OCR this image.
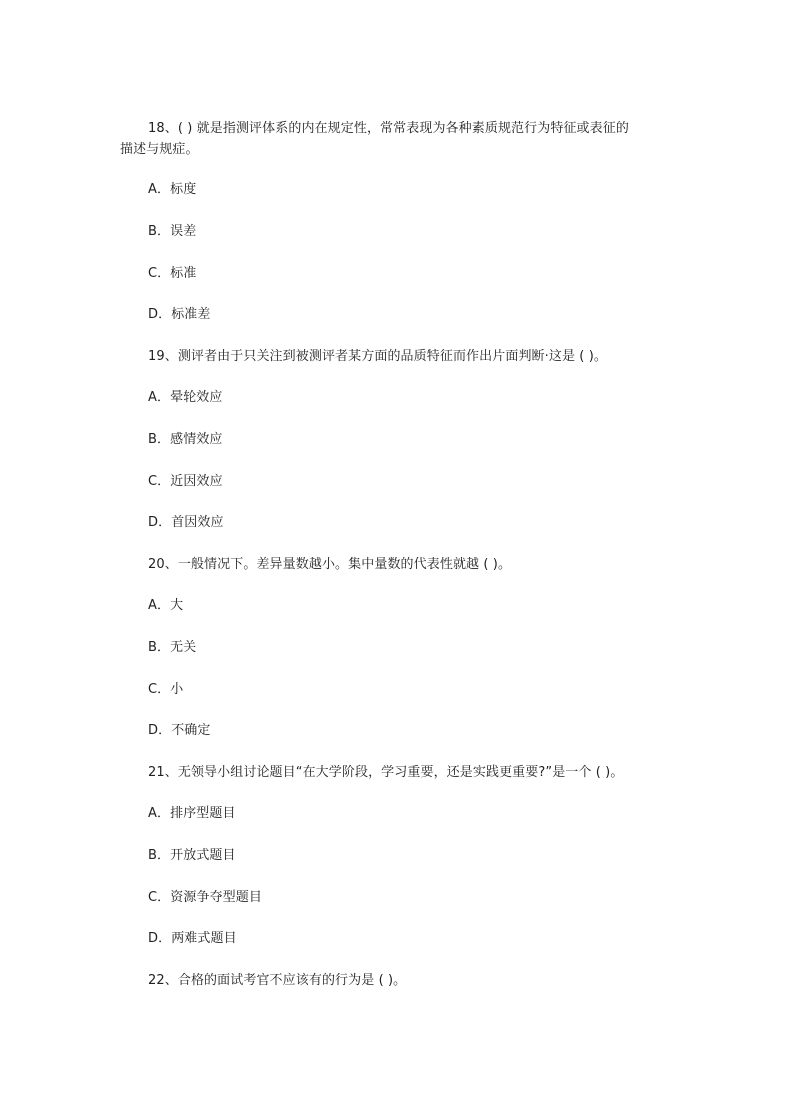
18、( ) 就是指测评体系的内在规定性，常常表现为各种素质规范行为特征或表征的
描述与规症。
A．标度
B．误差
C．标准
D．标准差
19、测评者由于只关注到被测评者某方面的品质特征而作出片面判断·这是 ( )。
A．晕轮效应
B．感情效应
C．近因效应
D．首因效应
20、一般情况下。差异量数越小。集中量数的代表性就越 ( )。
A．大
B．无关
C．小
D．不确定
21、无领导小组讨论题目“在大学阶段，学习重要，还是实践更重要?”是一个 ( )。
A．排序型题目
B．开放式题目
C．资源争夺型题目
D．两难式题目
22、合格的面试考官不应该有的行为是 ( )。
